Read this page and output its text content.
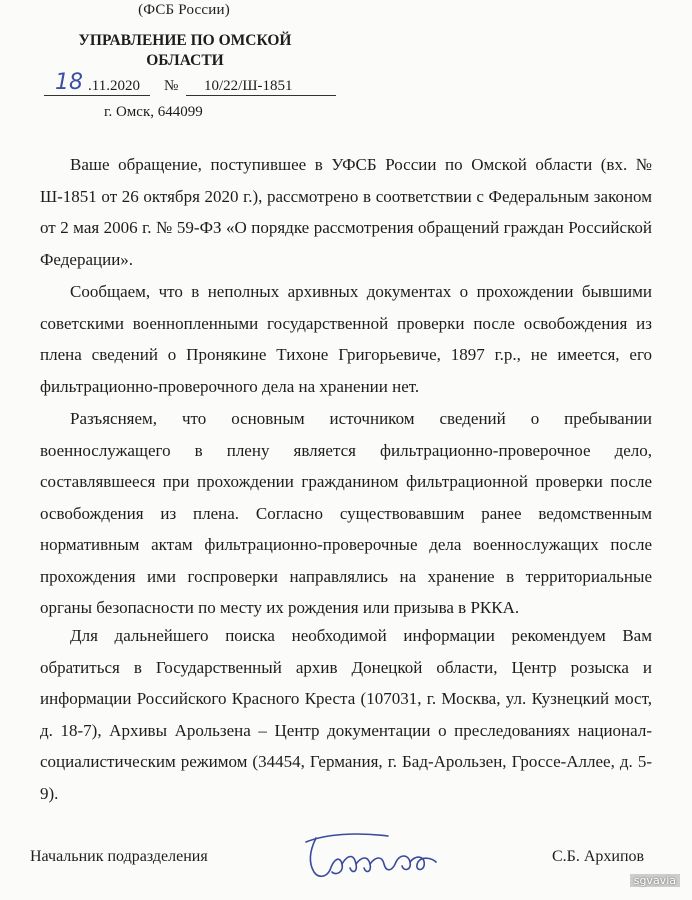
(ФСБ России)
УПРАВЛЕНИЕ ПО ОМСКОЙ
ОБЛАСТИ
18 .11.2020 № 10/22/Ш-1851
г. Омск, 644099

Ваше обращение, поступившее в УФСБ России по Омской области (вх. № Ш-1851 от 26 октября 2020 г.), рассмотрено в соответствии с Федеральным законом от 2 мая 2006 г. № 59-ФЗ «О порядке рассмотрения обращений граждан Российской Федерации».

Сообщаем, что в неполных архивных документах о прохождении бывшими советскими военнопленными государственной проверки после освобождения из плена сведений о Пронякине Тихоне Григорьевиче, 1897 г.р., не имеется, его фильтрационно-проверочного дела на хранении нет.

Разъясняем, что основным источником сведений о пребывании военнослужащего в плену является фильтрационно-проверочное дело, составлявшееся при прохождении гражданином фильтрационной проверки после освобождения из плена. Согласно существовавшим ранее ведомственным нормативным актам фильтрационно-проверочные дела военнослужащих после прохождения ими госпроверки направлялись на хранение в территориальные органы безопасности по месту их рождения или призыва в РККА.

Для дальнейшего поиска необходимой информации рекомендуем Вам обратиться в Государственный архив Донецкой области, Центр розыска и информации Российского Красного Креста (107031, г. Москва, ул. Кузнецкий мост, д. 18-7), Архивы Арользена – Центр документации о преследованиях национал-социалистическим режимом (34454, Германия, г. Бад-Арользен, Гроссе-Аллее, д. 5-9).

Начальник подразделения	С.Б. Архипов
sgvavia
